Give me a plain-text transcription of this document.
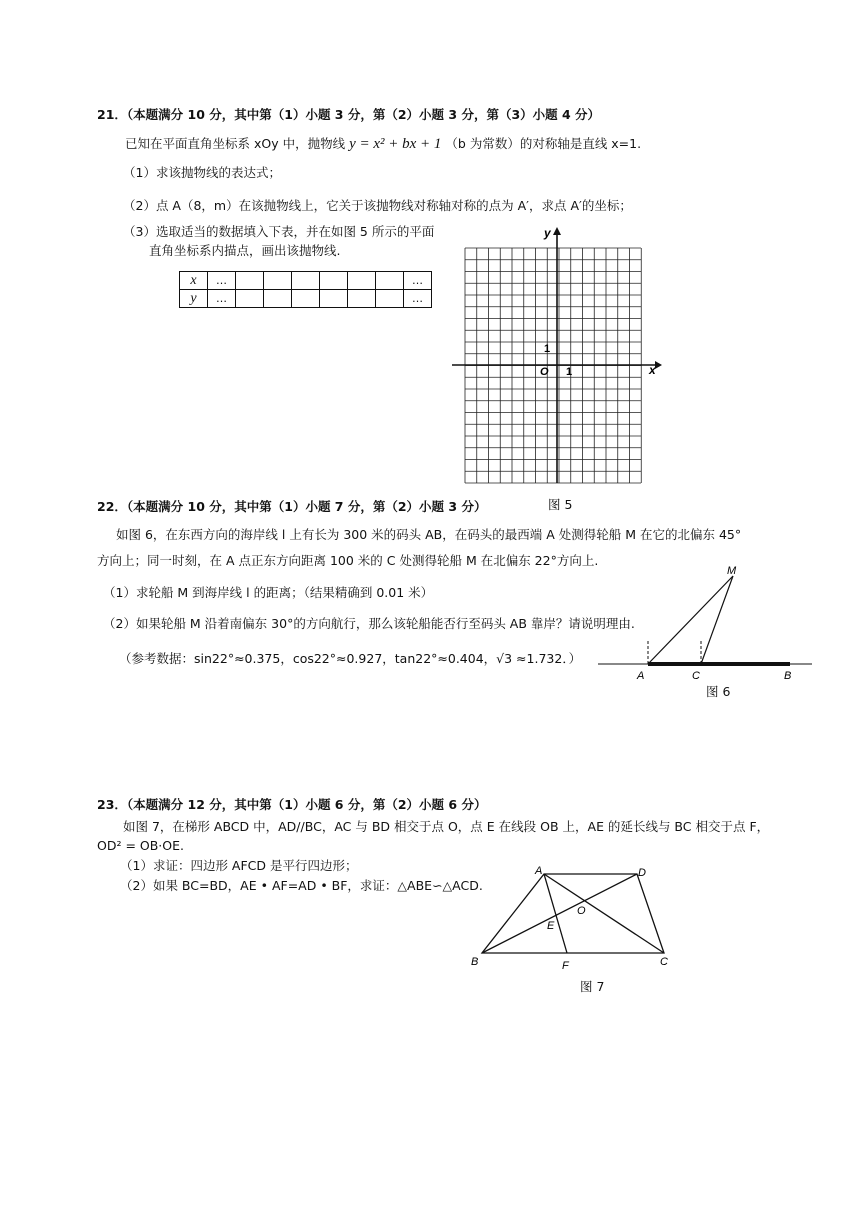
21．（本题满分 10 分，其中第（1）小题 3 分，第（2）小题 3 分，第（3）小题 4 分）
已知在平面直角坐标系 xOy 中，抛物线 y = x² + bx + 1 （b 为常数）的对称轴是直线 x=1.
（1）求该抛物线的表达式；
（2）点 A（8，m）在该抛物线上，它关于该抛物线对称轴对称的点为 A′，求点 A′的坐标；
（3）选取适当的数据填入下表，并在如图 5 所示的平面
直角坐标系内描点，画出该抛物线.
x	…							…
y	…							…
y
x
O 1
1
图 5
22．（本题满分 10 分，其中第（1）小题 7 分，第（2）小题 3 分）
如图 6，在东西方向的海岸线 l 上有长为 300 米的码头 AB，在码头的最西端 A 处测得轮船 M 在它的北偏东 45°
方向上；同一时刻，在 A 点正东方向距离 100 米的 C 处测得轮船 M 在北偏东 22°方向上.
（1）求轮船 M 到海岸线 l 的距离；（结果精确到 0.01 米）
（2）如果轮船 M 沿着南偏东 30°的方向航行，那么该轮船能否行至码头 AB 靠岸？请说明理由.
（参考数据：sin22°≈0.375，cos22°≈0.927，tan22°≈0.404，√3 ≈1.732．）
M
A	C	B
图 6
23．（本题满分 12 分，其中第（1）小题 6 分，第（2）小题 6 分）
如图 7，在梯形 ABCD 中，AD//BC，AC 与 BD 相交于点 O，点 E 在线段 OB 上，AE 的延长线与 BC 相交于点 F，
OD² = OB·OE.
（1）求证：四边形 AFCD 是平行四边形；
（2）如果 BC=BD，AE • AF=AD • BF，求证：△ABE∽△ACD.
A	D
O
E
B	F	C
图 7
